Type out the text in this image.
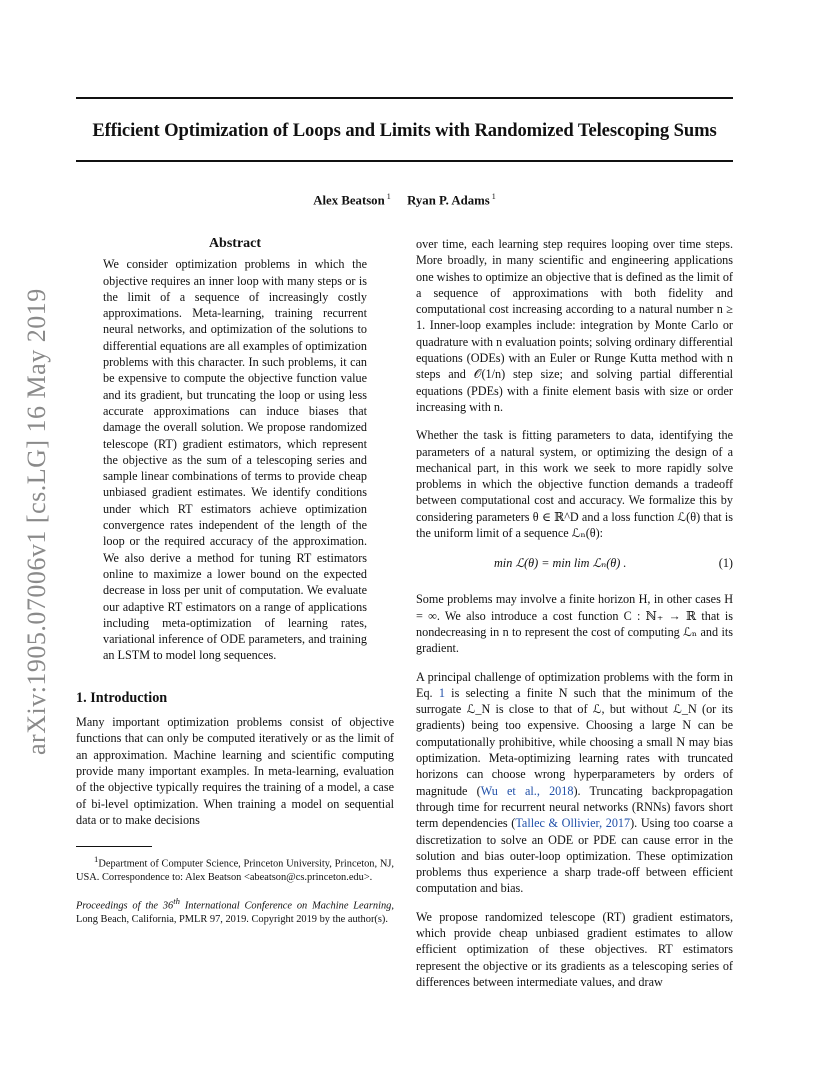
arXiv:1905.07006v1 [cs.LG] 16 May 2019
Efficient Optimization of Loops and Limits with Randomized Telescoping Sums
Alex Beatson $^1$ Ryan P. Adams $^1$
Abstract
We consider optimization problems in which the objective requires an inner loop with many steps or is the limit of a sequence of increasingly costly approximations. Meta-learning, training recurrent neural networks, and optimization of the solutions to differential equations are all examples of optimization problems with this character. In such problems, it can be expensive to compute the objective function value and its gradient, but truncating the loop or using less accurate approximations can induce biases that damage the overall solution. We propose randomized telescope (RT) gradient estimators, which represent the objective as the sum of a telescoping series and sample linear combinations of terms to provide cheap unbiased gradient estimates. We identify conditions under which RT estimators achieve optimization convergence rates independent of the length of the loop or the required accuracy of the approximation. We also derive a method for tuning RT estimators online to maximize a lower bound on the expected decrease in loss per unit of computation. We evaluate our adaptive RT estimators on a range of applications including meta-optimization of learning rates, variational inference of ODE parameters, and training an LSTM to model long sequences.
1. Introduction

Many important optimization problems consist of objective functions that can only be computed iteratively or as the limit of an approximation. Machine learning and scientific computing provide many important examples. In meta-learning, evaluation of the objective typically requires the training of a model, a case of bi-level optimization. When training a model on sequential data or to make decisions

$^1$Department of Computer Science, Princeton University, Princeton, NJ, USA. Correspondence to: Alex Beatson <abeatson@cs.princeton.edu>.
Proceedings of the 36th International Conference on Machine Learning, Long Beach, California, PMLR 97, 2019. Copyright 2019 by the author(s).

over time, each learning step requires looping over time steps. More broadly, in many scientific and engineering applications one wishes to optimize an objective that is defined as the limit of a sequence of approximations with both fidelity and computational cost increasing according to a natural number n ≥ 1. Inner-loop examples include: integration by Monte Carlo or quadrature with n evaluation points; solving ordinary differential equations (ODEs) with an Euler or Runge Kutta method with n steps and 𝒪(1/n) step size; and solving partial differential equations (PDEs) with a finite element basis with size or order increasing with n.

Whether the task is fitting parameters to data, identifying the parameters of a natural system, or optimizing the design of a mechanical part, in this work we seek to more rapidly solve problems in which the objective function demands a tradeoff between computational cost and accuracy. We formalize this by considering parameters θ ∈ ℝ^D and a loss function ℒ(θ) that is the uniform limit of a sequence ℒₙ(θ):

min ℒ(θ) = min lim ℒₙ(θ) .	(1)

Some problems may involve a finite horizon H, in other cases H = ∞. We also introduce a cost function C : ℕ₊ → ℝ that is nondecreasing in n to represent the cost of computing ℒₙ and its gradient.

A principal challenge of optimization problems with the form in Eq. 1 is selecting a finite N such that the minimum of the surrogate ℒ_N is close to that of ℒ, but without ℒ_N (or its gradients) being too expensive. Choosing a large N can be computationally prohibitive, while choosing a small N may bias optimization. Meta-optimizing learning rates with truncated horizons can choose wrong hyperparameters by orders of magnitude (Wu et al., 2018). Truncating backpropagation through time for recurrent neural networks (RNNs) favors short term dependencies (Tallec & Ollivier, 2017). Using too coarse a discretization to solve an ODE or PDE can cause error in the solution and bias outer-loop optimization. These optimization problems thus experience a sharp trade-off between efficient computation and bias.

We propose randomized telescope (RT) gradient estimators, which provide cheap unbiased gradient estimates to allow efficient optimization of these objectives. RT estimators represent the objective or its gradients as a telescoping series of differences between intermediate values, and draw
